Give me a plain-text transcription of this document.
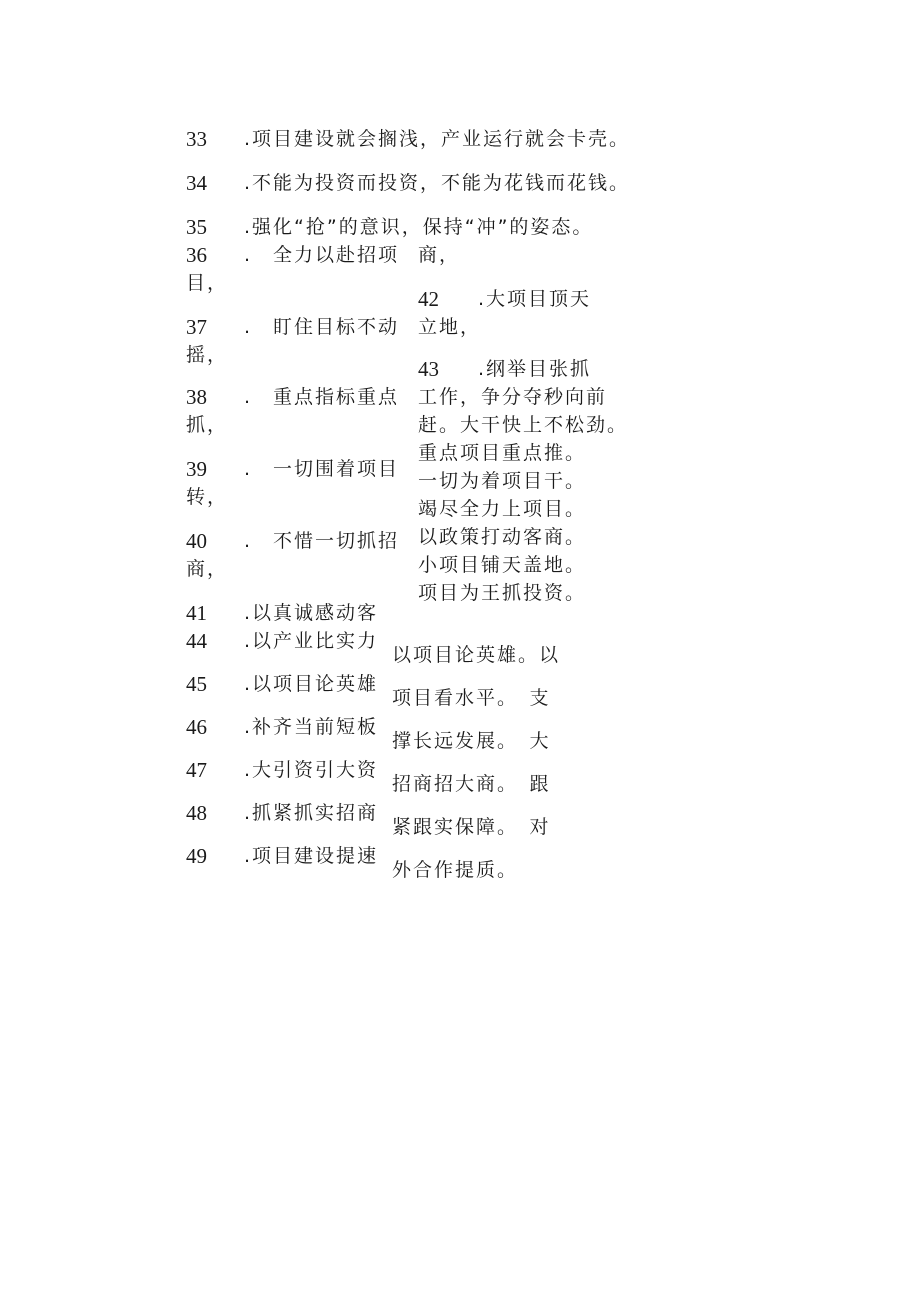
33 .项目建设就会搁浅，产业运行就会卡壳。
34 .不能为投资而投资，不能为花钱而花钱。
35 .强化“抢”的意识，保持“冲”的姿态。
36 .　全力以赴招项
目，
37 .　盯住目标不动
摇，
38 .　重点指标重点
抓，
39 .　一切围着项目
转，
40 .　不惜一切抓招
商，
41 .以真诚感动客
商，
42 .大项目顶天
立地，
43 .纲举目张抓
工作，争分夺秒向前
赶。大干快上不松劲。
重点项目重点推。
一切为着项目干。
竭尽全力上项目。
以政策打动客商。
小项目铺天盖地。
项目为王抓投资。
44 .以产业比实力
以项目论英雄。以
45 .以项目论英雄
项目看水平。　支
46 .补齐当前短板
撑长远发展。　大
47 .大引资引大资
招商招大商。　跟
48 .抓紧抓实招商
紧跟实保障。　对
49 .项目建设提速
外合作提质。
